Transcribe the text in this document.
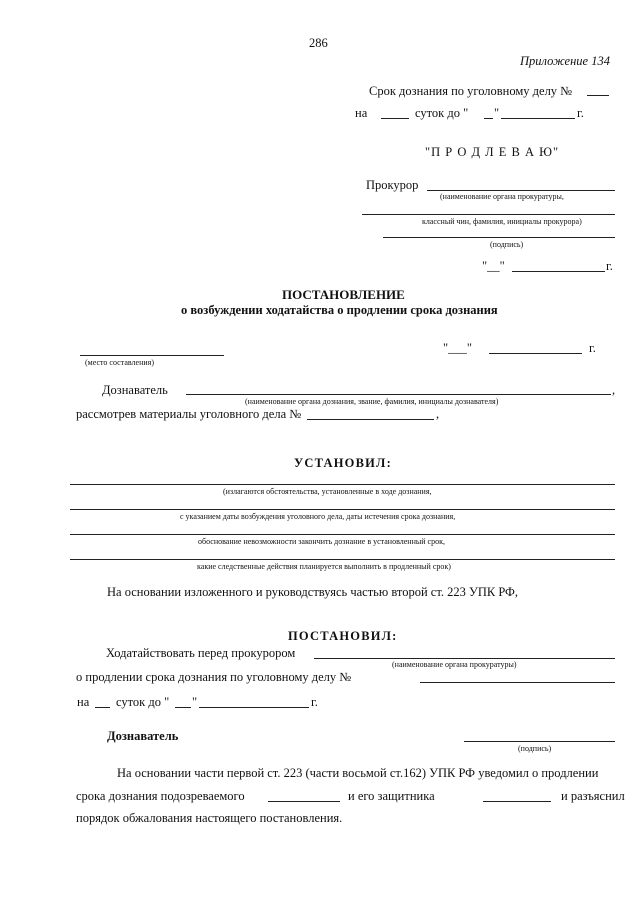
286
Приложение 134
Срок дознания по уголовному делу №
на	суток до " "	г.
"П Р О Д Л Е В А Ю"
Прокурор
(наименование органа прокуратуры,
классный чин, фамилия, инициалы прокурора)
(подпись)
"__"	г.
ПОСТАНОВЛЕНИЕ
о возбуждении ходатайства о продлении срока дознания
(место составления)
"___"	г.
Дознаватель	,
(наименование органа дознания, звание, фамилия, инициалы дознавателя)
рассмотрев материалы уголовного дела №	,
УСТАНОВИЛ:
(излагаются обстоятельства, установленные в ходе дознания,
с указанием даты возбуждения уголовного дела, даты истечения срока дознания,
обоснование невозможности закончить дознание в установленный срок,
какие следственные действия планируется выполнить в продленный срок)
На основании изложенного и руководствуясь частью второй ст. 223 УПК РФ,
ПОСТАНОВИЛ:
Ходатайствовать перед прокурором
(наименование органа прокуратуры)
о продлении срока дознания по уголовному делу №
на суток до " "	г.
Дознаватель
(подпись)
На основании части первой ст. 223 (части восьмой ст.162) УПК РФ уведомил о продлении
срока дознания подозреваемого	и его защитника	и разъяснил
порядок обжалования настоящего постановления.
